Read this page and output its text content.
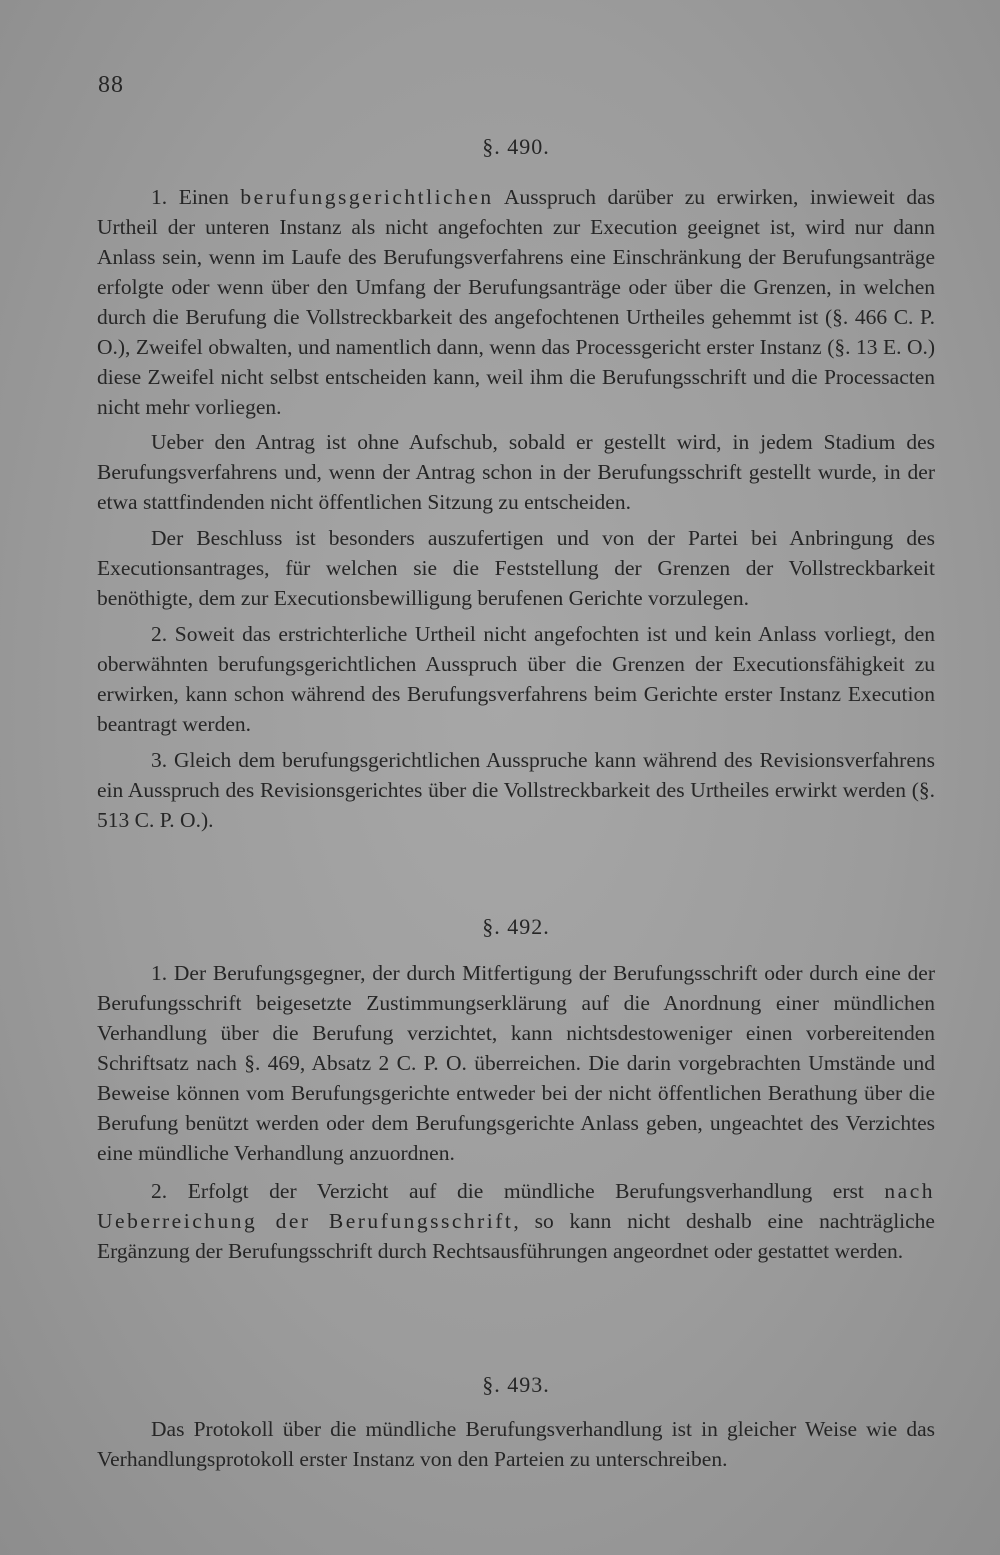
88
§. 490.

1. Einen berufungsgerichtlichen Ausspruch darüber zu erwirken, inwieweit das Urtheil der unteren Instanz als nicht angefochten zur Execution geeignet ist, wird nur dann Anlass sein, wenn im Laufe des Berufungsverfahrens eine Einschränkung der Berufungsanträge erfolgte oder wenn über den Umfang der Berufungsanträge oder über die Grenzen, in welchen durch die Berufung die Vollstreckbarkeit des angefochtenen Urtheiles gehemmt ist (§. 466 C. P. O.), Zweifel obwalten, und namentlich dann, wenn das Processgericht erster Instanz (§. 13 E. O.) diese Zweifel nicht selbst entscheiden kann, weil ihm die Berufungsschrift und die Processacten nicht mehr vorliegen.

Ueber den Antrag ist ohne Aufschub, sobald er gestellt wird, in jedem Stadium des Berufungsverfahrens und, wenn der Antrag schon in der Berufungsschrift gestellt wurde, in der etwa stattfindenden nicht öffentlichen Sitzung zu entscheiden.

Der Beschluss ist besonders auszufertigen und von der Partei bei Anbringung des Executionsantrages, für welchen sie die Feststellung der Grenzen der Vollstreckbarkeit benöthigte, dem zur Executionsbewilligung berufenen Gerichte vorzulegen.

2. Soweit das erstrichterliche Urtheil nicht angefochten ist und kein Anlass vorliegt, den oberwähnten berufungsgerichtlichen Ausspruch über die Grenzen der Executionsfähigkeit zu erwirken, kann schon während des Berufungsverfahrens beim Gerichte erster Instanz Execution beantragt werden.

3. Gleich dem berufungsgerichtlichen Ausspruche kann während des Revisionsverfahrens ein Ausspruch des Revisionsgerichtes über die Vollstreckbarkeit des Urtheiles erwirkt werden (§. 513 C. P. O.).

§. 492.

1. Der Berufungsgegner, der durch Mitfertigung der Berufungsschrift oder durch eine der Berufungsschrift beigesetzte Zustimmungserklärung auf die Anordnung einer mündlichen Verhandlung über die Berufung verzichtet, kann nichtsdestoweniger einen vorbereitenden Schriftsatz nach §. 469, Absatz 2 C. P. O. überreichen. Die darin vorgebrachten Umstände und Beweise können vom Berufungsgerichte entweder bei der nicht öffentlichen Berathung über die Berufung benützt werden oder dem Berufungsgerichte Anlass geben, ungeachtet des Verzichtes eine mündliche Verhandlung anzuordnen.

2. Erfolgt der Verzicht auf die mündliche Berufungsverhandlung erst nach Ueberreichung der Berufungsschrift, so kann nicht deshalb eine nachträgliche Ergänzung der Berufungsschrift durch Rechtsausführungen angeordnet oder gestattet werden.

§. 493.

Das Protokoll über die mündliche Berufungsverhandlung ist in gleicher Weise wie das Verhandlungsprotokoll erster Instanz von den Parteien zu unterschreiben.
